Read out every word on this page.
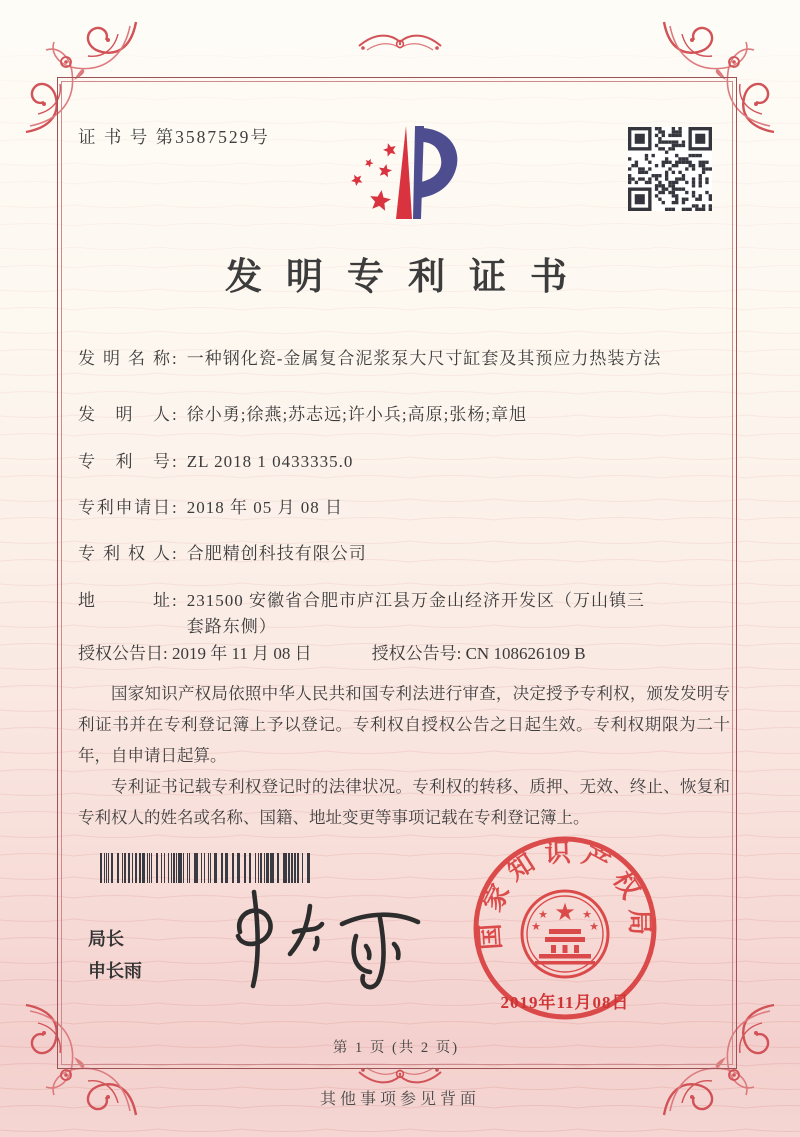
证 书 号 第3587529号
发明专利证书
发明名称 : 一种钢化瓷-金属复合泥浆泵大尺寸缸套及其预应力热装方法
发明人 : 徐小勇;徐燕;苏志远;许小兵;高原;张杨;章旭
专利号 : ZL 2018 1 0433335.0
专利申请日 : 2018 年 05 月 08 日
专利权人 : 合肥精创科技有限公司
地址 : 231500 安徽省合肥市庐江县万金山经济开发区（万山镇三套路东侧）
授权公告日: 2019 年 11 月 08 日	授权公告号: CN 108626109 B

国家知识产权局依照中华人民共和国专利法进行审查，决定授予专利权，颁发发明专利证书并在专利登记簿上予以登记。专利权自授权公告之日起生效。专利权期限为二十年，自申请日起算。

专利证书记载专利权登记时的法律状况。专利权的转移、质押、无效、终止、恢复和专利权人的姓名或名称、国籍、地址变更等事项记载在专利登记簿上。

局长
申长雨
国家知识产权局
★
★	★
★	★
2019年11月08日
第 1 页 (共 2 页)
其他事项参见背面
